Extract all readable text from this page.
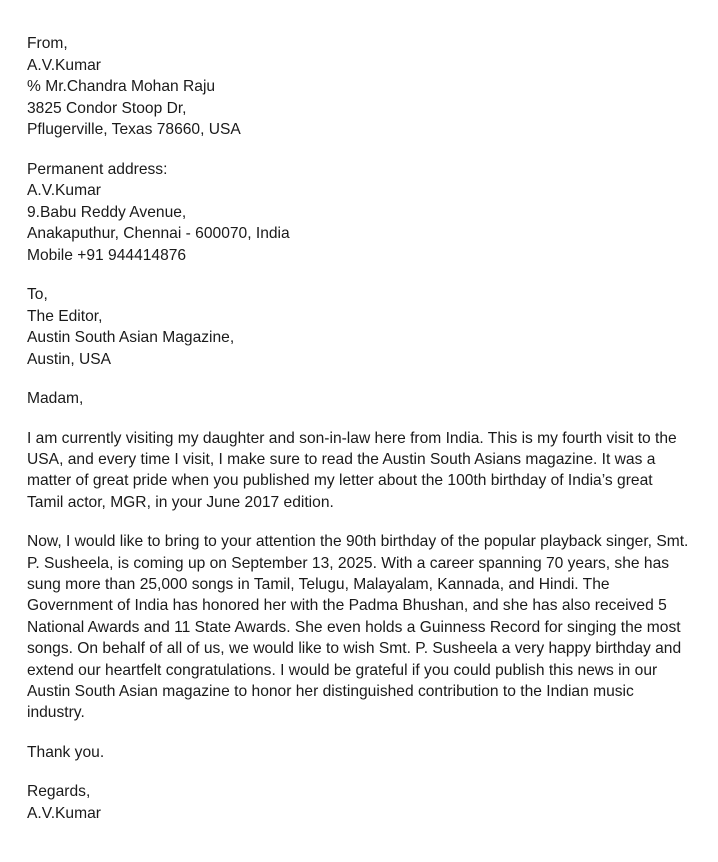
From,
A.V.Kumar
% Mr.Chandra Mohan Raju
3825 Condor Stoop Dr,
Pflugerville, Texas 78660, USA
Permanent address:
A.V.Kumar
9.Babu Reddy Avenue,
Anakaputhur, Chennai - 600070, India
Mobile +91 944414876
To,
The Editor,
Austin South Asian Magazine,
Austin, USA
Madam,
I am currently visiting my daughter and son-in-law here from India. This is my fourth visit to the
USA, and every time I visit, I make sure to read the Austin South Asians magazine. It was a
matter of great pride when you published my letter about the 100th birthday of India’s great
Tamil actor, MGR, in your June 2017 edition.
Now, I would like to bring to your attention the 90th birthday of the popular playback singer, Smt.
P. Susheela, is coming up on September 13, 2025. With a career spanning 70 years, she has
sung more than 25,000 songs in Tamil, Telugu, Malayalam, Kannada, and Hindi. The
Government of India has honored her with the Padma Bhushan, and she has also received 5
National Awards and 11 State Awards. She even holds a Guinness Record for singing the most
songs. On behalf of all of us, we would like to wish Smt. P. Susheela a very happy birthday and
extend our heartfelt congratulations. I would be grateful if you could publish this news in our
Austin South Asian magazine to honor her distinguished contribution to the Indian music
industry.
Thank you.
Regards,
A.V.Kumar
